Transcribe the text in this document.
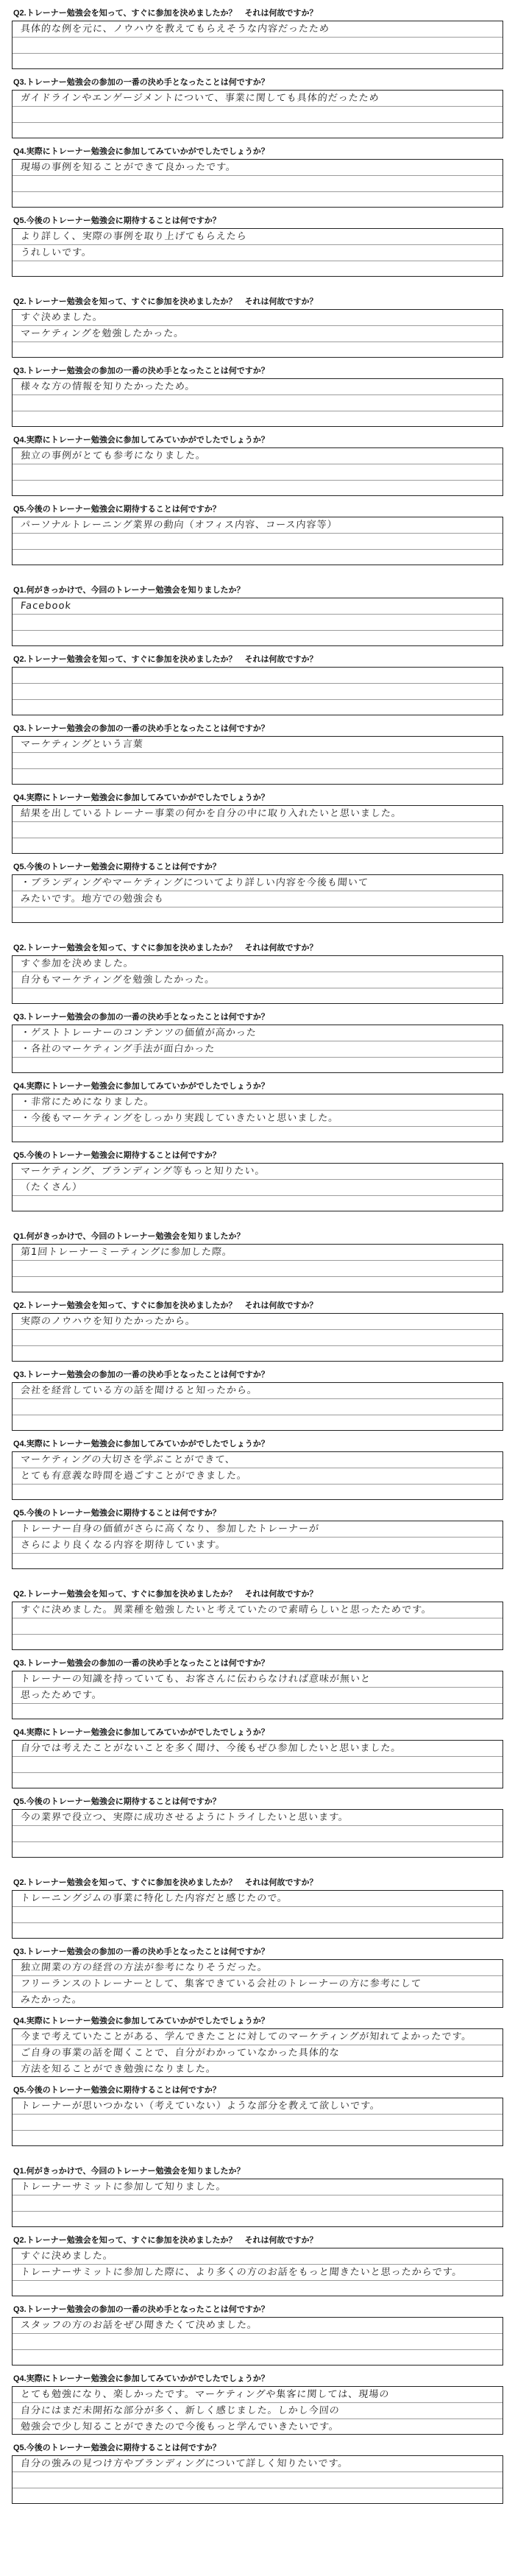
Q2.トレーナー勉強会を知って、すぐに参加を決めましたか？　それは何故ですか？
具体的な例を元に、ノウハウを教えてもらえそうな内容だったため
Q3.トレーナー勉強会の参加の一番の決め手となったことは何ですか？
ガイドラインやエンゲージメントについて、事業に関しても具体的だったため
Q4.実際にトレーナー勉強会に参加してみていかがでしたでしょうか？
現場の事例を知ることができて良かったです。
Q5.今後のトレーナー勉強会に期待することは何ですか？
より詳しく、実際の事例を取り上げてもらえたら
うれしいです。
Q2.トレーナー勉強会を知って、すぐに参加を決めましたか？　それは何故ですか？
すぐ決めました。
マーケティングを勉強したかった。
Q3.トレーナー勉強会の参加の一番の決め手となったことは何ですか？
様々な方の情報を知りたかったため。
Q4.実際にトレーナー勉強会に参加してみていかがでしたでしょうか？
独立の事例がとても参考になりました。
Q5.今後のトレーナー勉強会に期待することは何ですか？
パーソナルトレーニング業界の動向（オフィス内容、コース内容等）
Q1.何がきっかけで、今回のトレーナー勉強会を知りましたか？
Facebook
Q2.トレーナー勉強会を知って、すぐに参加を決めましたか？　それは何故ですか？
Q3.トレーナー勉強会の参加の一番の決め手となったことは何ですか？
マーケティングという言葉
Q4.実際にトレーナー勉強会に参加してみていかがでしたでしょうか？
結果を出しているトレーナー事業の何かを自分の中に取り入れたいと思いました。
Q5.今後のトレーナー勉強会に期待することは何ですか？
・ブランディングやマーケティングについてより詳しい内容を今後も聞いて
みたいです。地方での勉強会も
Q2.トレーナー勉強会を知って、すぐに参加を決めましたか？　それは何故ですか？
すぐ参加を決めました。
自分もマーケティングを勉強したかった。
Q3.トレーナー勉強会の参加の一番の決め手となったことは何ですか？
・ゲストトレーナーのコンテンツの価値が高かった
・各社のマーケティング手法が面白かった
Q4.実際にトレーナー勉強会に参加してみていかがでしたでしょうか？
・非常にためになりました。
・今後もマーケティングをしっかり実践していきたいと思いました。
Q5.今後のトレーナー勉強会に期待することは何ですか？
マーケティング、ブランディング等もっと知りたい。
（たくさん）
Q1.何がきっかけで、今回のトレーナー勉強会を知りましたか？
第1回トレーナーミーティングに参加した際。
Q2.トレーナー勉強会を知って、すぐに参加を決めましたか？　それは何故ですか？
実際のノウハウを知りたかったから。
Q3.トレーナー勉強会の参加の一番の決め手となったことは何ですか？
会社を経営している方の話を聞けると知ったから。
Q4.実際にトレーナー勉強会に参加してみていかがでしたでしょうか？
マーケティングの大切さを学ぶことができて、
とても有意義な時間を過ごすことができました。
Q5.今後のトレーナー勉強会に期待することは何ですか？
トレーナー自身の価値がさらに高くなり、参加したトレーナーが
さらにより良くなる内容を期待しています。
Q2.トレーナー勉強会を知って、すぐに参加を決めましたか？　それは何故ですか？
すぐに決めました。異業種を勉強したいと考えていたので素晴らしいと思ったためです。
Q3.トレーナー勉強会の参加の一番の決め手となったことは何ですか？
トレーナーの知識を持っていても、お客さんに伝わらなければ意味が無いと
思ったためです。
Q4.実際にトレーナー勉強会に参加してみていかがでしたでしょうか？
自分では考えたことがないことを多く聞け、今後もぜひ参加したいと思いました。
Q5.今後のトレーナー勉強会に期待することは何ですか？
今の業界で役立つ、実際に成功させるようにトライしたいと思います。
Q2.トレーナー勉強会を知って、すぐに参加を決めましたか？　それは何故ですか？
トレーニングジムの事業に特化した内容だと感じたので。
Q3.トレーナー勉強会の参加の一番の決め手となったことは何ですか？
独立開業の方の経営の方法が参考になりそうだった。
フリーランスのトレーナーとして、集客できている会社のトレーナーの方に参考にして
みたかった。
Q4.実際にトレーナー勉強会に参加してみていかがでしたでしょうか？
今まで考えていたことがある、学んできたことに対してのマーケティングが知れてよかったです。
ご自身の事業の話を聞くことで、自分がわかっていなかった具体的な
方法を知ることができ勉強になりました。
Q5.今後のトレーナー勉強会に期待することは何ですか？
トレーナーが思いつかない（考えていない）ような部分を教えて欲しいです。
Q1.何がきっかけで、今回のトレーナー勉強会を知りましたか？
トレーナーサミットに参加して知りました。
Q2.トレーナー勉強会を知って、すぐに参加を決めましたか？　それは何故ですか？
すぐに決めました。
トレーナーサミットに参加した際に、より多くの方のお話をもっと聞きたいと思ったからです。
Q3.トレーナー勉強会の参加の一番の決め手となったことは何ですか？
スタッフの方のお話をぜひ聞きたくて決めました。
Q4.実際にトレーナー勉強会に参加してみていかがでしたでしょうか？
とても勉強になり、楽しかったです。マーケティングや集客に関しては、現場の
自分にはまだ未開拓な部分が多く、新しく感じました。しかし今回の
勉強会で少し知ることができたので今後もっと学んでいきたいです。
Q5.今後のトレーナー勉強会に期待することは何ですか？
自分の強みの見つけ方やブランディングについて詳しく知りたいです。
